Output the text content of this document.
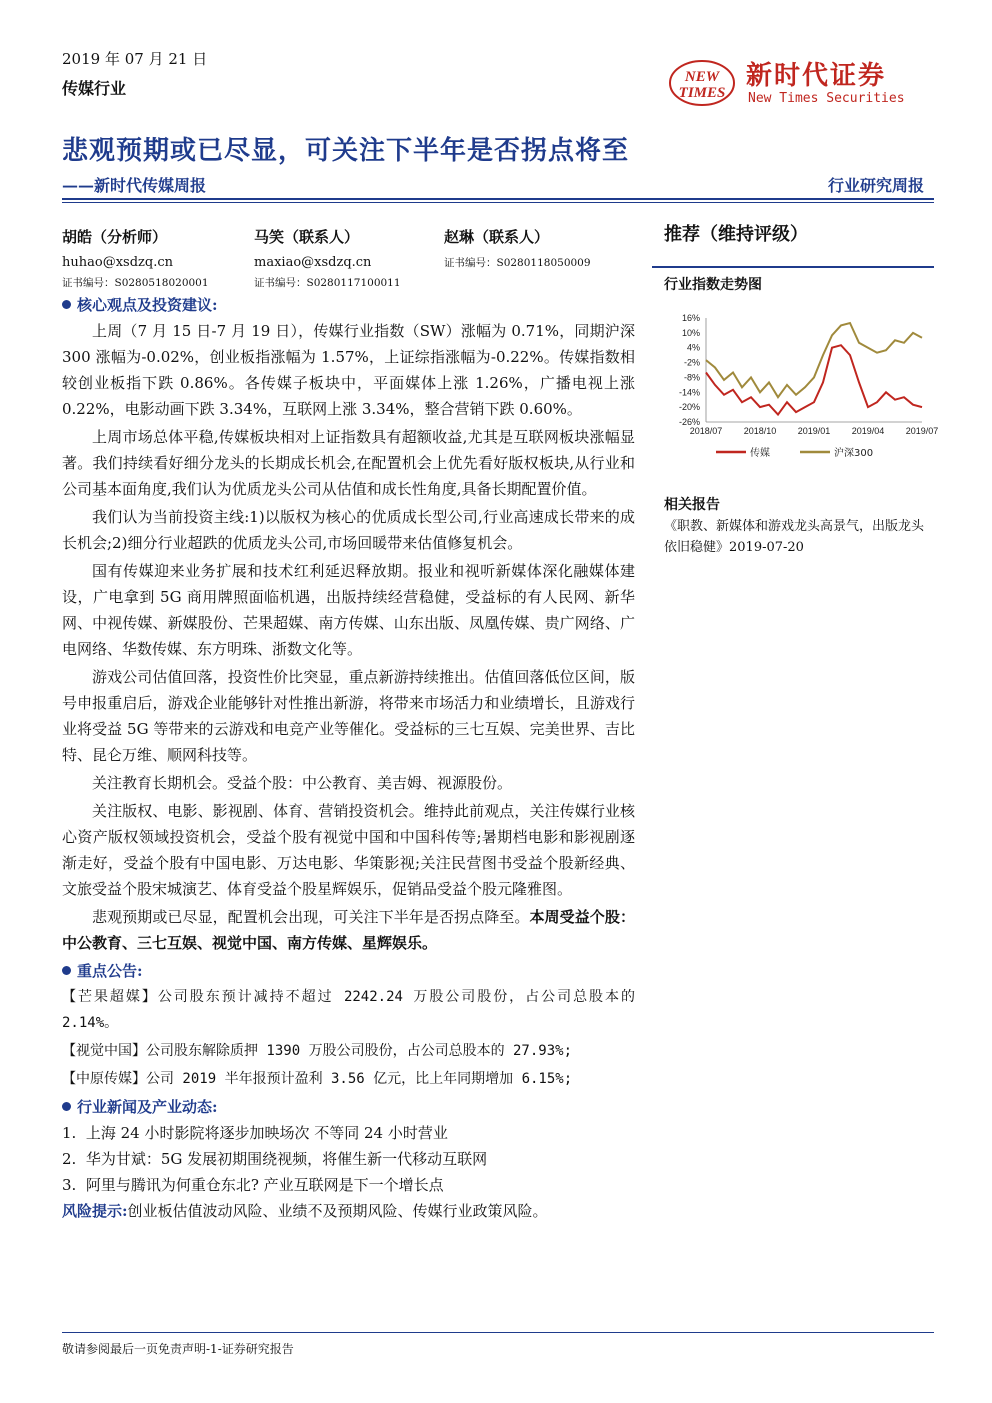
2019 年 07 月 21 日
传媒行业
NEW
TIMES
新时代证券
New Times Securities
悲观预期或已尽显，可关注下半年是否拐点将至
——新时代传媒周报	行业研究周报
胡皓（分析师）
huhao@xsdzq.cn
证书编号：S0280518020001
马笑（联系人）
maxiao@xsdzq.cn
证书编号：S0280117100011
赵琳（联系人）
证书编号：S0280118050009
推荐（维持评级）
行业指数走势图
16%
10%
4%
-2%
-8%
-14%
-20%
-26%
2018/07 2018/10 2019/01 2019/04 2019/07
传媒	沪深300
相关报告
《职教、新媒体和游戏龙头高景气，出版龙头依旧稳健》2019-07-20
核心观点及投资建议:

上周（7 月 15 日-7 月 19 日），传媒行业指数（SW）涨幅为 0.71%，同期沪深 300 涨幅为-0.02%，创业板指涨幅为 1.57%，上证综指涨幅为-0.22%。传媒指数相较创业板指下跌 0.86%。各传媒子板块中，平面媒体上涨 1.26%，广播电视上涨 0.22%，电影动画下跌 3.34%，互联网上涨 3.34%，整合营销下跌 0.60%。

上周市场总体平稳,传媒板块相对上证指数具有超额收益,尤其是互联网板块涨幅显著。我们持续看好细分龙头的长期成长机会,在配置机会上优先看好版权板块,从行业和公司基本面角度,我们认为优质龙头公司从估值和成长性角度,具备长期配置价值。

我们认为当前投资主线:1)以版权为核心的优质成长型公司,行业高速成长带来的成长机会;2)细分行业超跌的优质龙头公司,市场回暖带来估值修复机会。

国有传媒迎来业务扩展和技术红利延迟释放期。报业和视听新媒体深化融媒体建设，广电拿到 5G 商用牌照面临机遇，出版持续经营稳健，受益标的有人民网、新华网、中视传媒、新媒股份、芒果超媒、南方传媒、山东出版、凤凰传媒、贵广网络、广电网络、华数传媒、东方明珠、浙数文化等。

游戏公司估值回落，投资性价比突显，重点新游持续推出。估值回落低位区间，版号申报重启后，游戏企业能够针对性推出新游，将带来市场活力和业绩增长，且游戏行业将受益 5G 等带来的云游戏和电竞产业等催化。受益标的三七互娱、完美世界、吉比特、昆仑万维、顺网科技等。

关注教育长期机会。受益个股：中公教育、美吉姆、视源股份。

关注版权、电影、影视剧、体育、营销投资机会。维持此前观点，关注传媒行业核心资产版权领域投资机会，受益个股有视觉中国和中国科传等;暑期档电影和影视剧逐渐走好，受益个股有中国电影、万达电影、华策影视;关注民营图书受益个股新经典、文旅受益个股宋城演艺、体育受益个股星辉娱乐，促销品受益个股元隆雅图。

悲观预期或已尽显，配置机会出现，可关注下半年是否拐点降至。本周受益个股：中公教育、三七互娱、视觉中国、南方传媒、星辉娱乐。

重点公告:

【芒果超媒】公司股东预计减持不超过 2242.24 万股公司股份，占公司总股本的 2.14%。

【视觉中国】公司股东解除质押 1390 万股公司股份，占公司总股本的 27.93%;

【中原传媒】公司 2019 半年报预计盈利 3.56 亿元，比上年同期增加 6.15%;

行业新闻及产业动态:

1.  上海 24 小时影院将逐步加映场次 不等同 24 小时营业

2.  华为甘斌：5G 发展初期围绕视频，将催生新一代移动互联网

3.  阿里与腾讯为何重仓东北? 产业互联网是下一个增长点

风险提示:创业板估值波动风险、业绩不及预期风险、传媒行业政策风险。

敬请参阅最后一页免责声明-1-证券研究报告
